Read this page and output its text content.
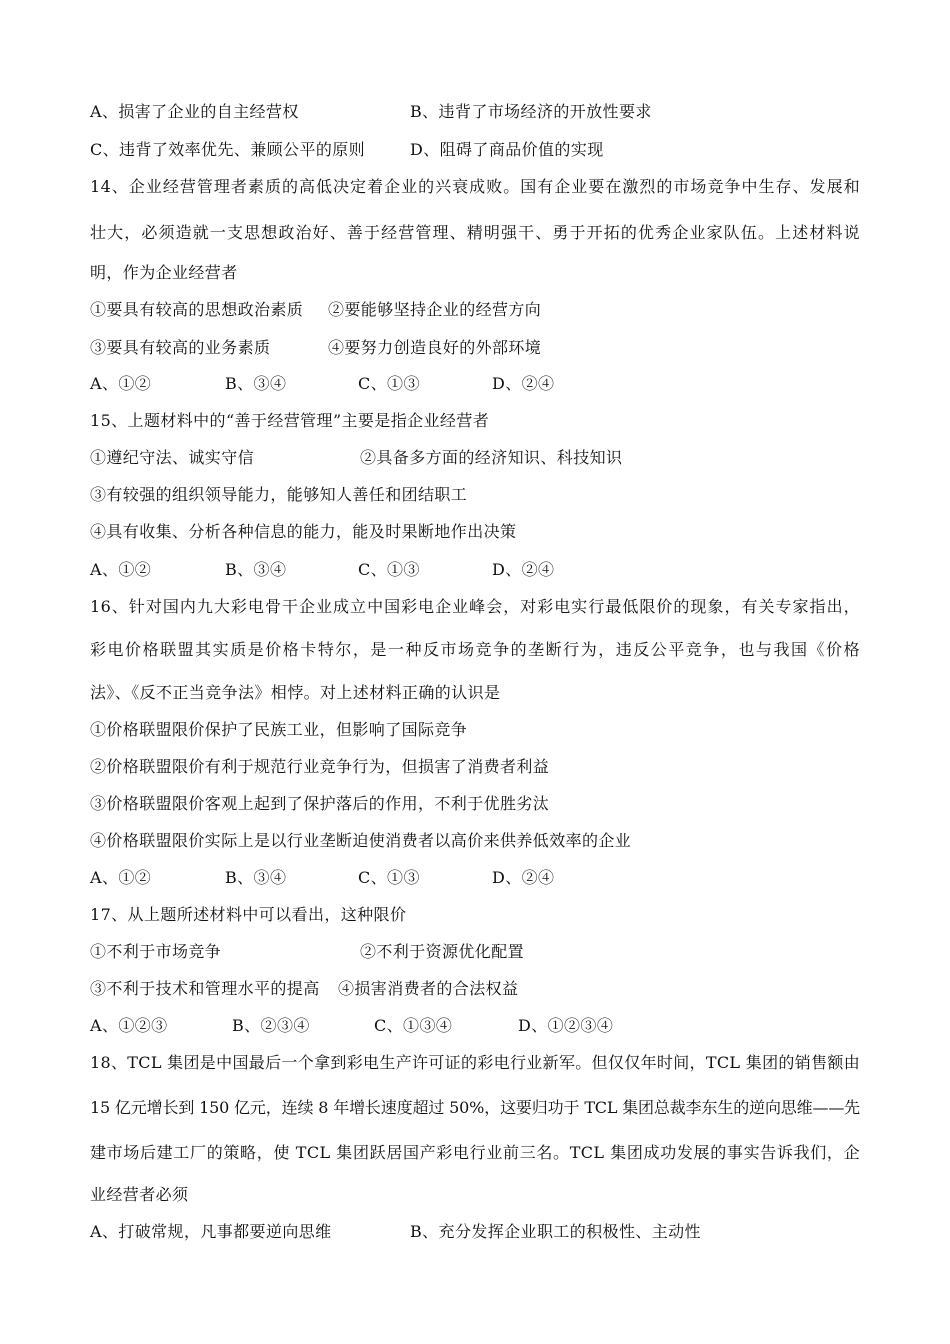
A、损害了企业的自主经营权	B、违背了市场经济的开放性要求
C、违背了效率优先、兼顾公平的原则	D、阻碍了商品价值的实现
14、企业经营管理者素质的高低决定着企业的兴衰成败。国有企业要在激烈的市场竞争中生存、发展和
壮大，必须造就一支思想政治好、善于经营管理、精明强干、勇于开拓的优秀企业家队伍。上述材料说
明，作为企业经营者
①要具有较高的思想政治素质 ②要能够坚持企业的经营方向
③要具有较高的业务素质	④要努力创造良好的外部环境
A、①②	B、③④	C、①③	D、②④
15、上题材料中的“善于经营管理”主要是指企业经营者
①遵纪守法、诚实守信	②具备多方面的经济知识、科技知识
③有较强的组织领导能力，能够知人善任和团结职工
④具有收集、分析各种信息的能力，能及时果断地作出决策
A、①②	B、③④	C、①③	D、②④
16、针对国内九大彩电骨干企业成立中国彩电企业峰会，对彩电实行最低限价的现象，有关专家指出，
彩电价格联盟其实质是价格卡特尔，是一种反市场竞争的垄断行为，违反公平竞争，也与我国《价格
法》、《反不正当竞争法》相悖。对上述材料正确的认识是
①价格联盟限价保护了民族工业，但影响了国际竞争
②价格联盟限价有利于规范行业竞争行为，但损害了消费者利益
③价格联盟限价客观上起到了保护落后的作用，不利于优胜劣汰
④价格联盟限价实际上是以行业垄断迫使消费者以高价来供养低效率的企业
A、①②	B、③④	C、①③	D、②④
17、从上题所述材料中可以看出，这种限价
①不利于市场竞争	②不利于资源优化配置
③不利于技术和管理水平的提高 ④损害消费者的合法权益
A、①②③	B、②③④	C、①③④	D、①②③④
18、TCL 集团是中国最后一个拿到彩电生产许可证的彩电行业新军。但仅仅年时间，TCL 集团的销售额由
15 亿元增长到 150 亿元，连续 8 年增长速度超过 50%，这要归功于 TCL 集团总裁李东生的逆向思维——先
建市场后建工厂的策略，使 TCL 集团跃居国产彩电行业前三名。TCL 集团成功发展的事实告诉我们，企
业经营者必须
A、打破常规，凡事都要逆向思维	B、充分发挥企业职工的积极性、主动性
